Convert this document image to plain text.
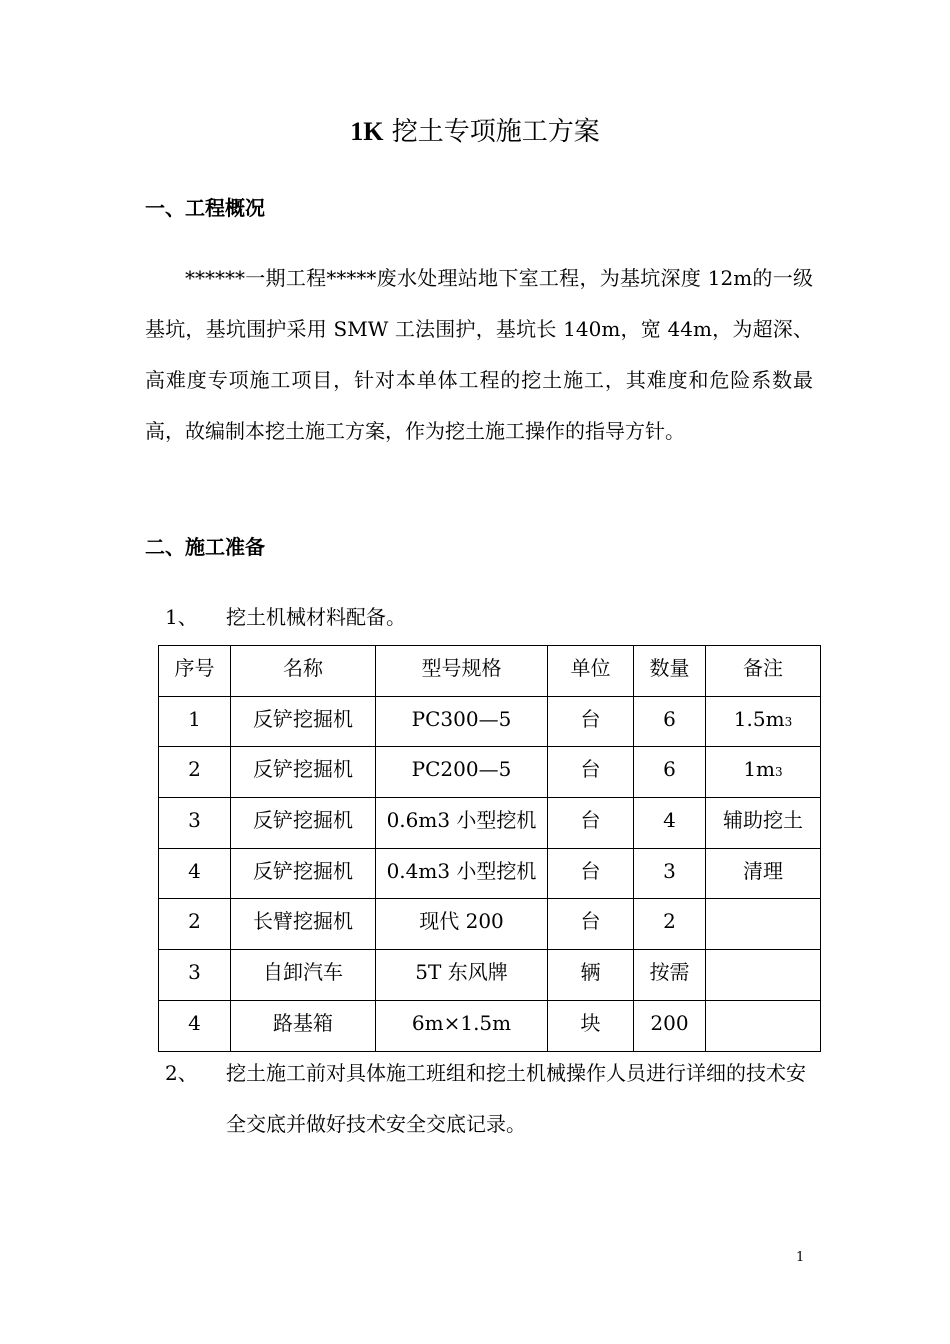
1K 挖土专项施工方案
一、工程概况
******一期工程*****废水处理站地下室工程，为基坑深度 12m的一级基坑，基坑围护采用 SMW 工法围护，基坑长 140m，宽 44m，为超深、高难度专项施工项目，针对本单体工程的挖土施工，其难度和危险系数最高，故编制本挖土施工方案，作为挖土施工操作的指导方针。
二、施工准备
1、 挖土机械材料配备。
序号	名称	型号规格	单位	数量	备注
1	反铲挖掘机	PC300—5	台	6	1.5m3
2	反铲挖掘机	PC200—5	台	6	1m3
3	反铲挖掘机	0.6m3 小型挖机	台	4	辅助挖土
4	反铲挖掘机	0.4m3 小型挖机	台	3	清理
2	长臂挖掘机	现代 200	台	2	
3	自卸汽车	5T 东风牌	辆	按需	
4	路基箱	6m×1.5m	块	200	
2、 挖土施工前对具体施工班组和挖土机械操作人员进行详细的技术安全交底并做好技术安全交底记录。
1
